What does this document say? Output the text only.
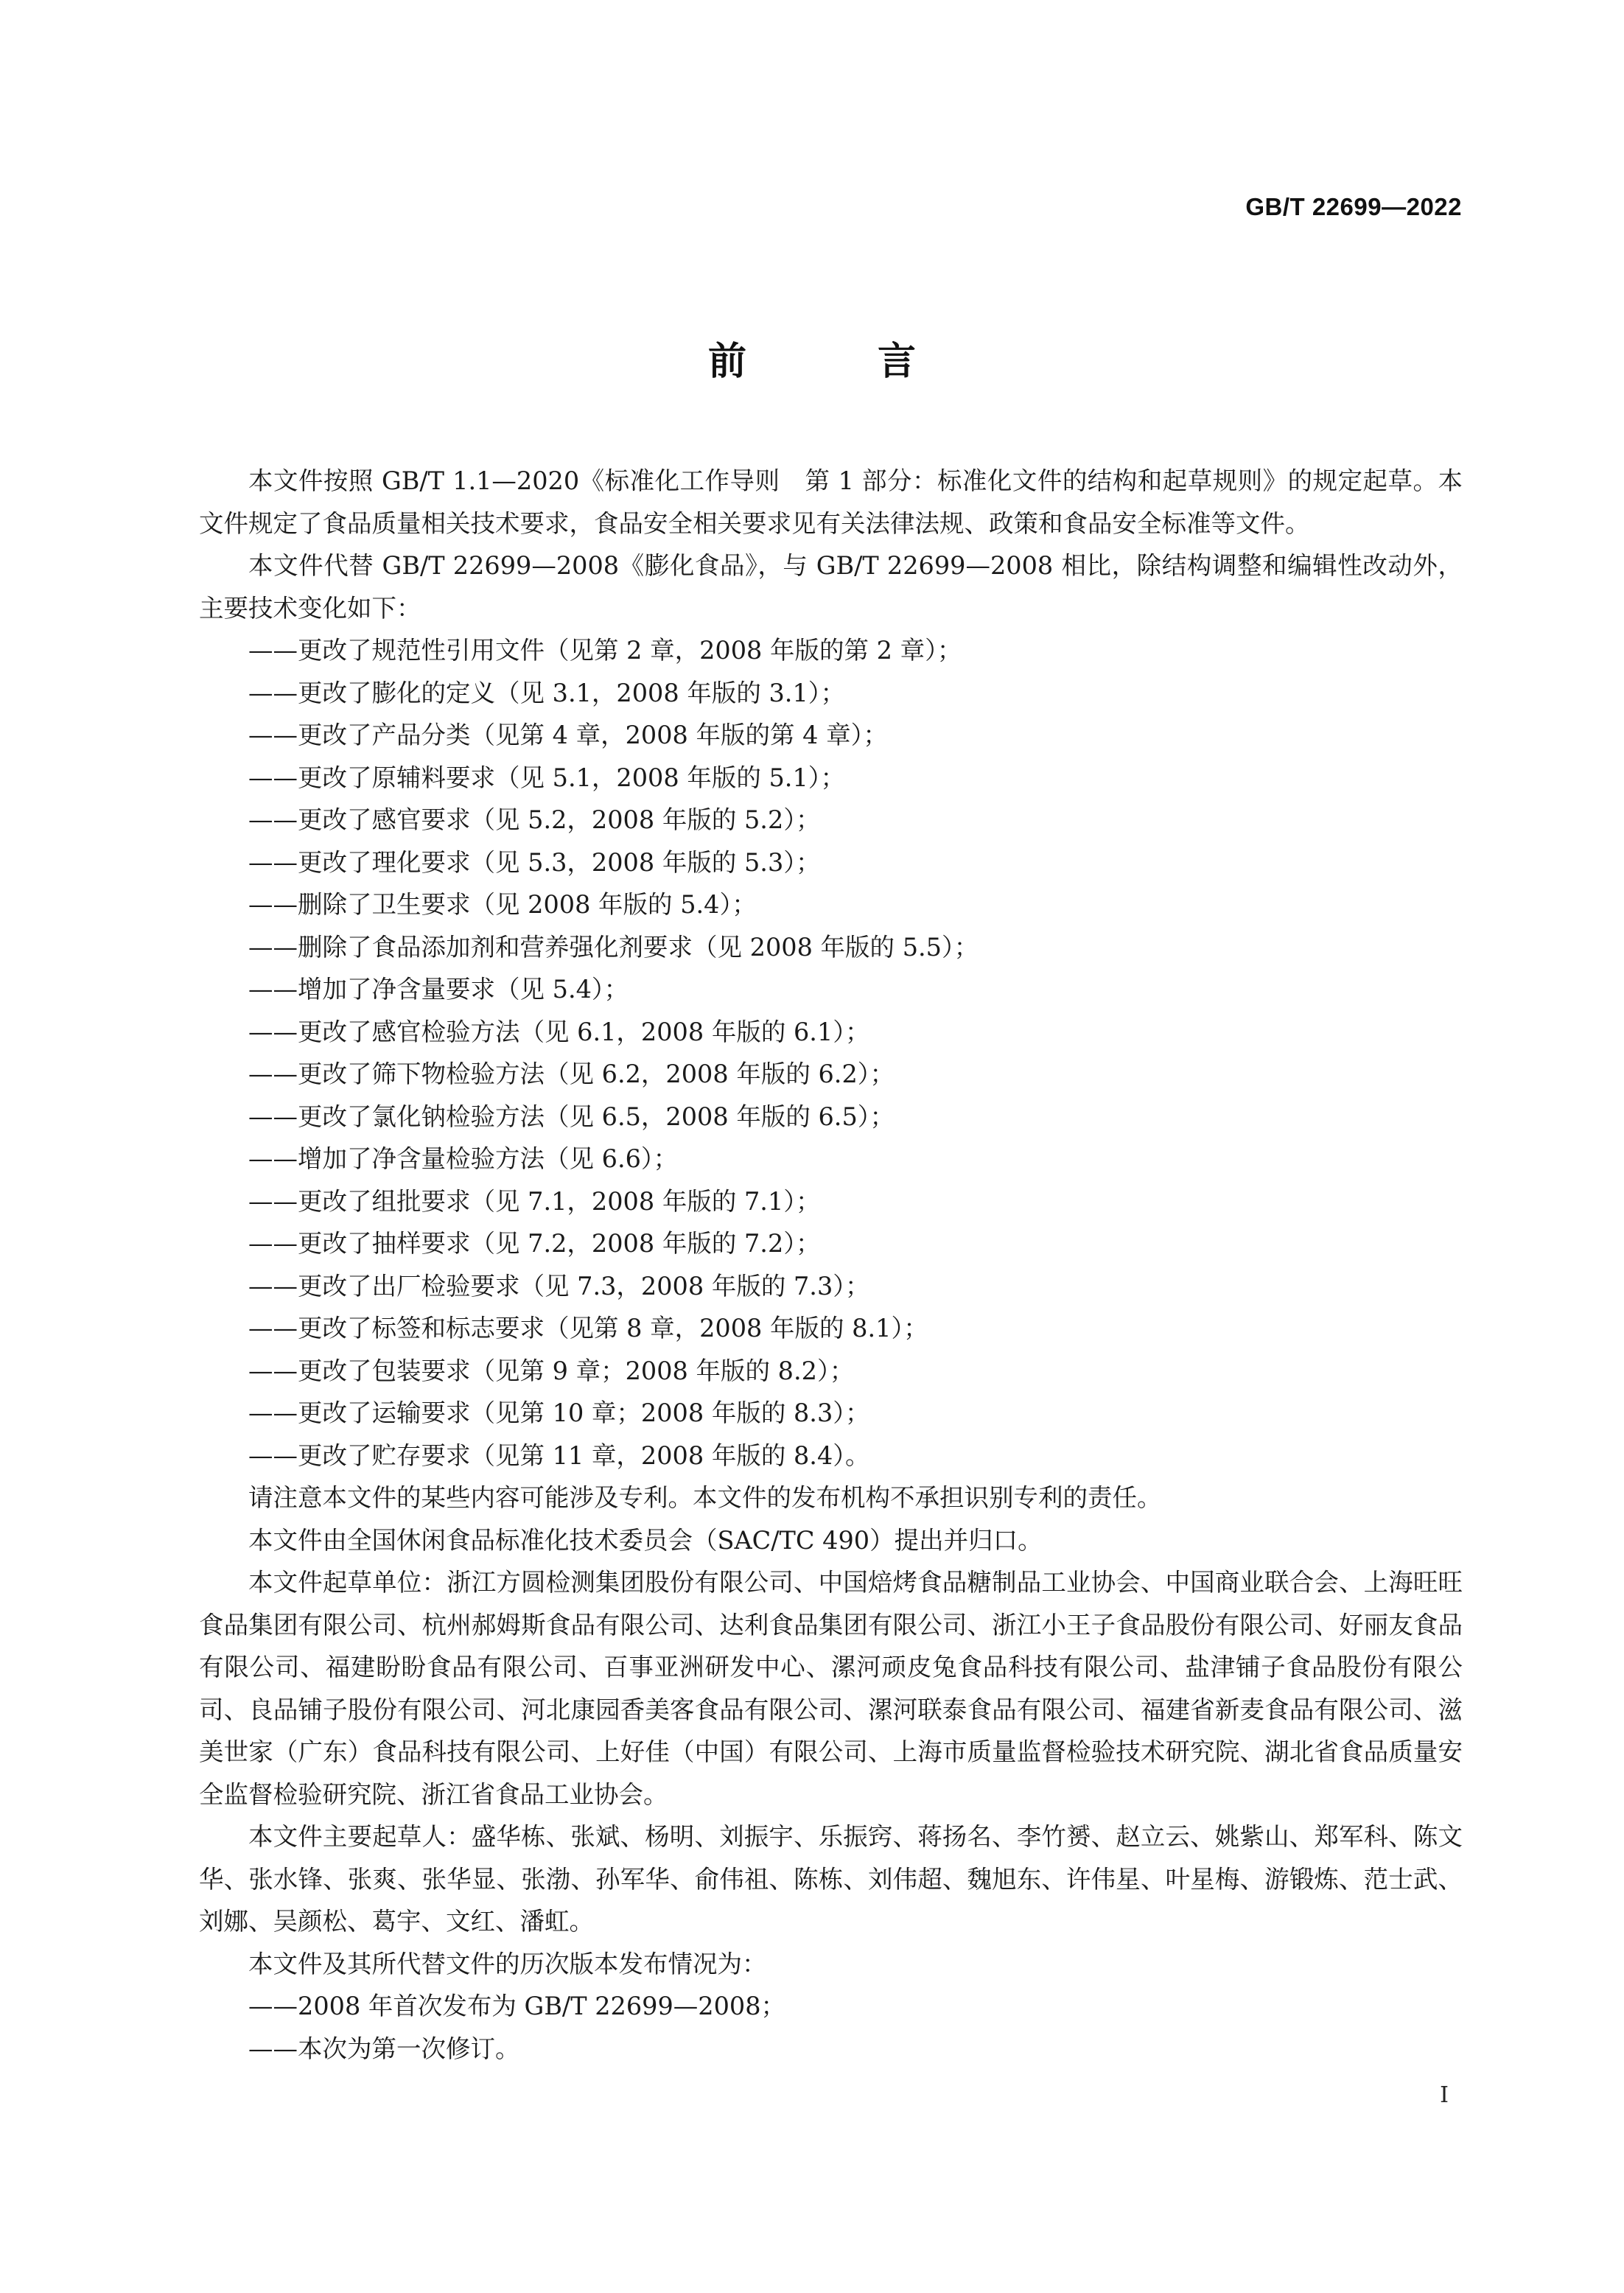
GB/T 22699—2022
前 言

本文件按照 GB/T 1.1—2020《标准化工作导则　第 1 部分：标准化文件的结构和起草规则》的规定起草。本文件规定了食品质量相关技术要求，食品安全相关要求见有关法律法规、政策和食品安全标准等文件。

本文件代替 GB/T 22699—2008《膨化食品》，与 GB/T 22699—2008 相比，除结构调整和编辑性改动外，主要技术变化如下：

——更改了规范性引用文件（见第 2 章，2008 年版的第 2 章）；

——更改了膨化的定义（见 3.1，2008 年版的 3.1）；

——更改了产品分类（见第 4 章，2008 年版的第 4 章）；

——更改了原辅料要求（见 5.1，2008 年版的 5.1）；

——更改了感官要求（见 5.2，2008 年版的 5.2）；

——更改了理化要求（见 5.3，2008 年版的 5.3）；

——删除了卫生要求（见 2008 年版的 5.4）；

——删除了食品添加剂和营养强化剂要求（见 2008 年版的 5.5）；

——增加了净含量要求（见 5.4）；

——更改了感官检验方法（见 6.1，2008 年版的 6.1）；

——更改了筛下物检验方法（见 6.2，2008 年版的 6.2）；

——更改了氯化钠检验方法（见 6.5，2008 年版的 6.5）；

——增加了净含量检验方法（见 6.6）；

——更改了组批要求（见 7.1，2008 年版的 7.1）；

——更改了抽样要求（见 7.2，2008 年版的 7.2）；

——更改了出厂检验要求（见 7.3，2008 年版的 7.3）；

——更改了标签和标志要求（见第 8 章，2008 年版的 8.1）；

——更改了包装要求（见第 9 章；2008 年版的 8.2）；

——更改了运输要求（见第 10 章；2008 年版的 8.3）；

——更改了贮存要求（见第 11 章，2008 年版的 8.4）。

请注意本文件的某些内容可能涉及专利。本文件的发布机构不承担识别专利的责任。

本文件由全国休闲食品标准化技术委员会（SAC/TC 490）提出并归口。

本文件起草单位：浙江方圆检测集团股份有限公司、中国焙烤食品糖制品工业协会、中国商业联合会、上海旺旺食品集团有限公司、杭州郝姆斯食品有限公司、达利食品集团有限公司、浙江小王子食品股份有限公司、好丽友食品有限公司、福建盼盼食品有限公司、百事亚洲研发中心、漯河顽皮兔食品科技有限公司、盐津铺子食品股份有限公司、良品铺子股份有限公司、河北康园香美客食品有限公司、漯河联泰食品有限公司、福建省新麦食品有限公司、滋美世家（广东）食品科技有限公司、上好佳（中国）有限公司、上海市质量监督检验技术研究院、湖北省食品质量安全监督检验研究院、浙江省食品工业协会。

本文件主要起草人：盛华栋、张斌、杨明、刘振宇、乐振窍、蒋扬名、李竹赟、赵立云、姚紫山、郑军科、陈文华、张水锋、张爽、张华显、张渤、孙军华、俞伟祖、陈栋、刘伟超、魏旭东、许伟星、叶星梅、游锻炼、范士武、刘娜、吴颜松、葛宇、文红、潘虹。

本文件及其所代替文件的历次版本发布情况为：

——2008 年首次发布为 GB/T 22699—2008；

——本次为第一次修订。

I
